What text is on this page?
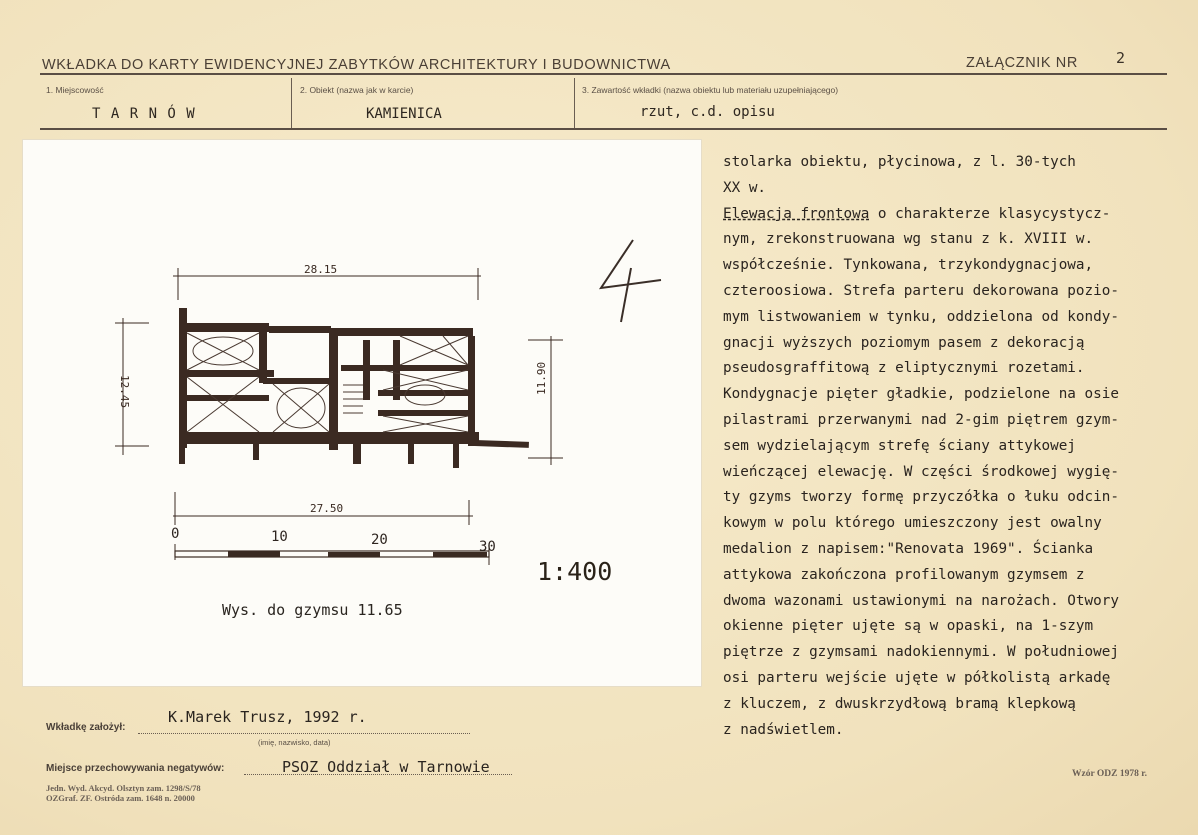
WKŁADKA DO KARTY EWIDENCYJNEJ ZABYTKÓW ARCHITEKTURY I BUDOWNICTWA	ZAŁĄCZNIK NR	2
1. Miejscowość
T A R N Ó W
2. Obiekt (nazwa jak w karcie)
KAMIENICA
3. Zawartość wkładki (nazwa obiektu lub materiału uzupełniającego)
rzut, c.d. opisu
28.15
12.45	11.90
27.50
0	10	20	30
1:400
Wys. do gzymsu 11.65
stolarka obiektu, płycinowa, z l. 30-tych
XX w.
Elewacja frontowa o charakterze klasycystycz-
nym, zrekonstruowana wg stanu z k. XVIII w.
współcześnie. Tynkowana, trzykondygnacjowa,
czteroosiowa. Strefa parteru dekorowana pozio-
mym listwowaniem w tynku, oddzielona od kondy-
gnacji wyższych poziomym pasem z dekoracją
pseudosgraffitową z eliptycznymi rozetami.
Kondygnacje pięter gładkie, podzielone na osie
pilastrami przerwanymi nad 2-gim piętrem gzym-
sem wydzielającym strefę ściany attykowej
wieńczącej elewację. W części środkowej wygię-
ty gzyms tworzy formę przyczółka o łuku odcin-
kowym w polu którego umieszczony jest owalny
medalion z napisem:"Renovata 1969". Ścianka
attykowa zakończona profilowanym gzymsem z
dwoma wazonami ustawionymi na narożach. Otwory
okienne pięter ujęte są w opaski, na 1-szym
piętrze z gzymsami nadokiennymi. W południowej
osi parteru wejście ujęte w półkolistą arkadę
z kluczem, z dwuskrzydłową bramą klepkową
z nadświetlem.
Wkładkę założył:
K.Marek Trusz, 1992 r.
(imię, nazwisko, data)
Miejsce przechowywania negatywów:	PSOZ Oddział w Tarnowie
Jedn. Wyd. Akcyd. Olsztyn zam. 1298/S/78
OZGraf. ZF. Ostróda zam. 1648 n. 20000
Wzór ODZ 1978 r.
